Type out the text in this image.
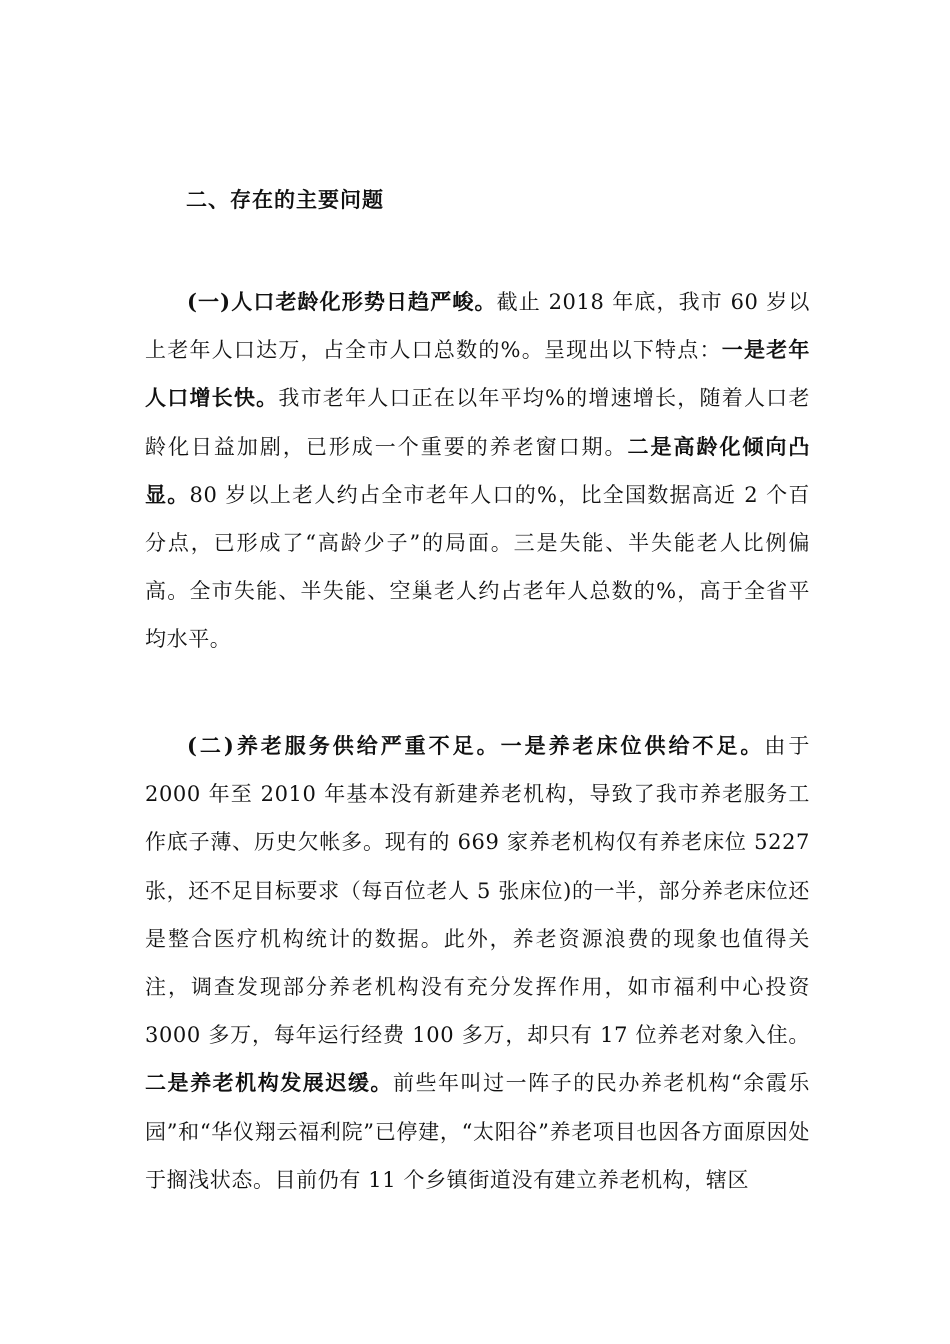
二、存在的主要问题

(一)人口老龄化形势日趋严峻。截止 2018 年底，我市 60 岁以上老年人口达万，占全市人口总数的%。呈现出以下特点：一是老年人口增长快。我市老年人口正在以年平均%的增速增长，随着人口老龄化日益加剧，已形成一个重要的养老窗口期。二是高龄化倾向凸显。80 岁以上老人约占全市老年人口的%，比全国数据高近 2 个百分点，已形成了“高龄少子”的局面。三是失能、半失能老人比例偏高。全市失能、半失能、空巢老人约占老年人总数的%，高于全省平均水平。

(二)养老服务供给严重不足。一是养老床位供给不足。由于 2000 年至 2010 年基本没有新建养老机构，导致了我市养老服务工作底子薄、历史欠帐多。现有的 669 家养老机构仅有养老床位 5227 张，还不足目标要求（每百位老人 5 张床位)的一半，部分养老床位还是整合医疗机构统计的数据。此外，养老资源浪费的现象也值得关注，调查发现部分养老机构没有充分发挥作用，如市福利中心投资 3000 多万，每年运行经费 100 多万，却只有 17 位养老对象入住。二是养老机构发展迟缓。前些年叫过一阵子的民办养老机构“余霞乐园”和“华仪翔云福利院”已停建，“太阳谷”养老项目也因各方面原因处于搁浅状态。目前仍有 11 个乡镇街道没有建立养老机构，辖区
